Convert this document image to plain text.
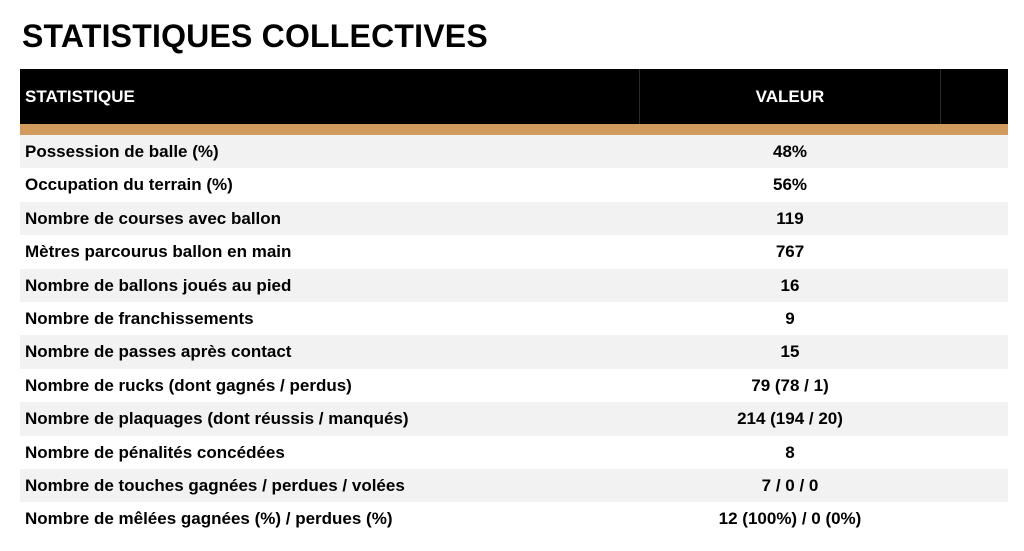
STATISTIQUES COLLECTIVES
STATISTIQUE	VALEUR
Possession de balle (%)	48%
Occupation du terrain (%)	56%
Nombre de courses avec ballon	119
Mètres parcourus ballon en main	767
Nombre de ballons joués au pied	16
Nombre de franchissements	9
Nombre de passes après contact	15
Nombre de rucks (dont gagnés / perdus)	79 (78 / 1)
Nombre de plaquages (dont réussis / manqués)	214 (194 / 20)
Nombre de pénalités concédées	8
Nombre de touches gagnées / perdues / volées	7 / 0 / 0
Nombre de mêlées gagnées (%) / perdues (%)	12 (100%) / 0 (0%)
